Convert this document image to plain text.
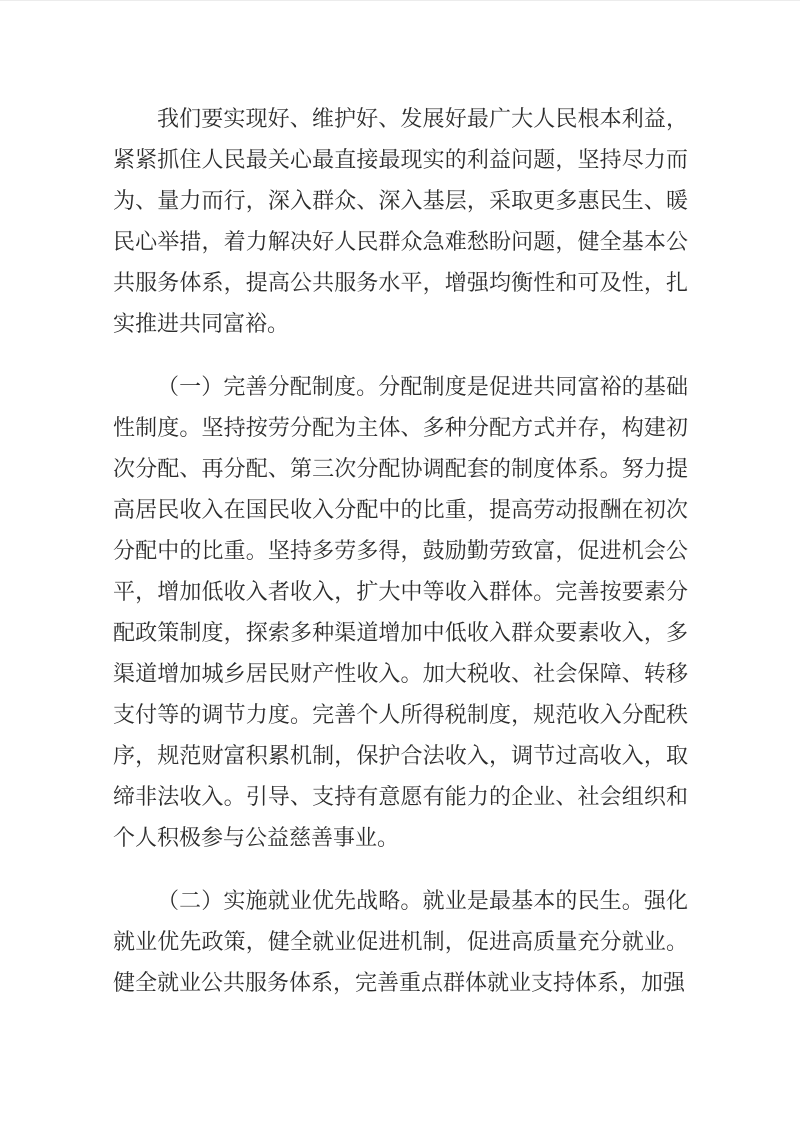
我们要实现好、维护好、发展好最广大人民根本利益，紧紧抓住人民最关心最直接最现实的利益问题，坚持尽力而为、量力而行，深入群众、深入基层，采取更多惠民生、暖民心举措，着力解决好人民群众急难愁盼问题，健全基本公共服务体系，提高公共服务水平，增强均衡性和可及性，扎实推进共同富裕。

（一）完善分配制度。分配制度是促进共同富裕的基础性制度。坚持按劳分配为主体、多种分配方式并存，构建初次分配、再分配、第三次分配协调配套的制度体系。努力提高居民收入在国民收入分配中的比重，提高劳动报酬在初次分配中的比重。坚持多劳多得，鼓励勤劳致富，促进机会公平，增加低收入者收入，扩大中等收入群体。完善按要素分配政策制度，探索多种渠道增加中低收入群众要素收入，多渠道增加城乡居民财产性收入。加大税收、社会保障、转移支付等的调节力度。完善个人所得税制度，规范收入分配秩序，规范财富积累机制，保护合法收入，调节过高收入，取缔非法收入。引导、支持有意愿有能力的企业、社会组织和个人积极参与公益慈善事业。

（二）实施就业优先战略。就业是最基本的民生。强化就业优先政策，健全就业促进机制，促进高质量充分就业。健全就业公共服务体系，完善重点群体就业支持体系，加强
